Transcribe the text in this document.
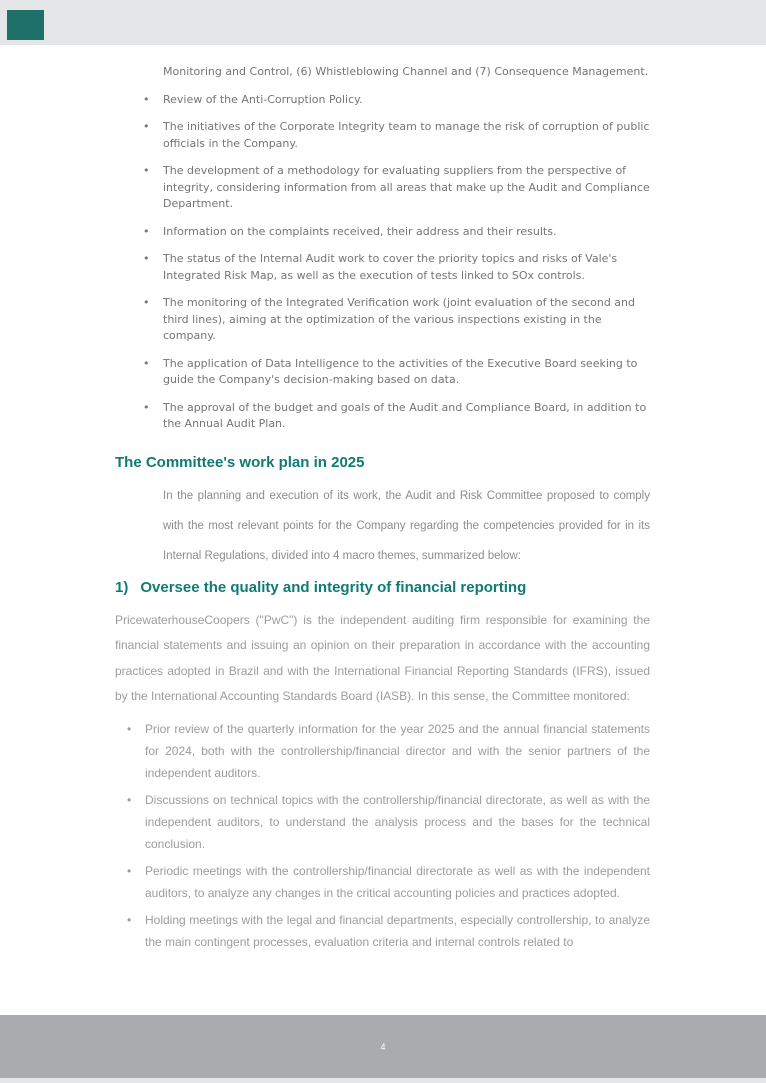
Monitoring and Control, (6) Whistleblowing Channel and (7) Consequence Management.

• Review of the Anti-Corruption Policy.
• The initiatives of the Corporate Integrity team to manage the risk of corruption of public officials in the Company.
• The development of a methodology for evaluating suppliers from the perspective of integrity, considering information from all areas that make up the Audit and Compliance Department.
• Information on the complaints received, their address and their results.
• The status of the Internal Audit work to cover the priority topics and risks of Vale's Integrated Risk Map, as well as the execution of tests linked to SOx controls.
• The monitoring of the Integrated Verification work (joint evaluation of the second and third lines), aiming at the optimization of the various inspections existing in the company.
• The application of Data Intelligence to the activities of the Executive Board seeking to guide the Company's decision-making based on data.
• The approval of the budget and goals of the Audit and Compliance Board, in addition to the Annual Audit Plan.
The Committee's work plan in 2025

In the planning and execution of its work, the Audit and Risk Committee proposed to comply with the most relevant points for the Company regarding the competencies provided for in its Internal Regulations, divided into 4 macro themes, summarized below:

1) Oversee the quality and integrity of financial reporting

PricewaterhouseCoopers ("PwC") is the independent auditing firm responsible for examining the financial statements and issuing an opinion on their preparation in accordance with the accounting practices adopted in Brazil and with the International Financial Reporting Standards (IFRS), issued by the International Accounting Standards Board (IASB). In this sense, the Committee monitored:

• Prior review of the quarterly information for the year 2025 and the annual financial statements for 2024, both with the controllership/financial director and with the senior partners of the independent auditors.
• Discussions on technical topics with the controllership/financial directorate, as well as with the independent auditors, to understand the analysis process and the bases for the technical conclusion.
• Periodic meetings with the controllership/financial directorate as well as with the independent auditors, to analyze any changes in the critical accounting policies and practices adopted.
• Holding meetings with the legal and financial departments, especially controllership, to analyze the main contingent processes, evaluation criteria and internal controls related to
4
